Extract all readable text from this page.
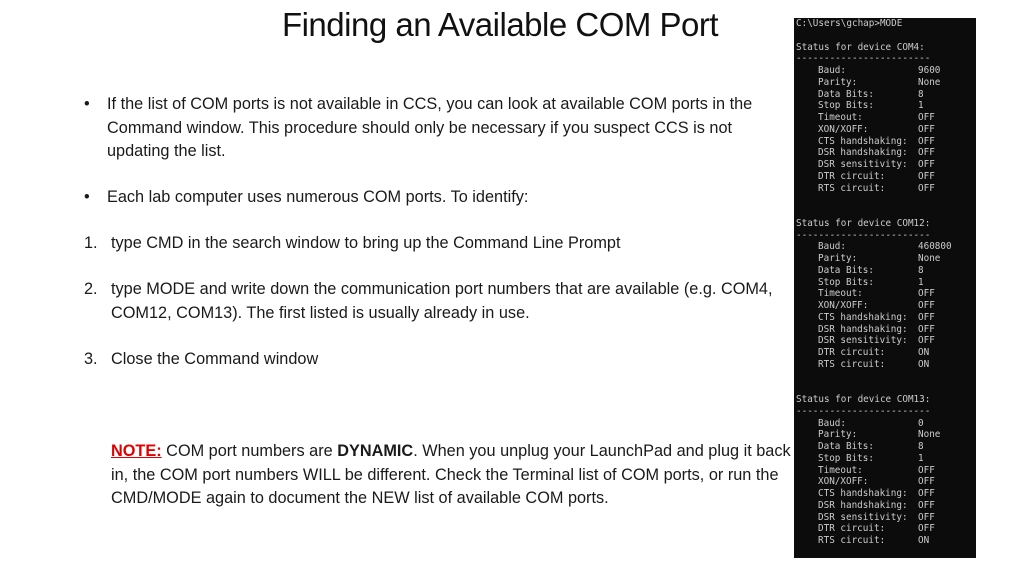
Finding an Available COM Port
•	If the list of COM ports is not available in CCS, you can look at available COM ports in the Command window. This procedure should only be necessary if you suspect CCS is not updating the list.
•	Each lab computer uses numerous COM ports. To identify:
1. type CMD in the search window to bring up the Command Line Prompt
2. type MODE and write down the communication port numbers that are available (e.g. COM4, COM12, COM13). The first listed is usually already in use.
3. Close the Command window
NOTE: COM port numbers are DYNAMIC. When you unplug your LaunchPad and plug it back in, the COM port numbers WILL be different. Check the Terminal list of COM ports, or run the CMD/MODE again to document the NEW list of available COM ports.
C:\Users\gchap>MODE
Status for device COM4:
------------------------
Baud:	9600
Parity:	None
Data Bits:	8
Stop Bits:	1
Timeout:	OFF
XON/XOFF:	OFF
CTS handshaking:	OFF
DSR handshaking:	OFF
DSR sensitivity:	OFF
DTR circuit:	OFF
RTS circuit:	OFF
Status for device COM12:
------------------------
Baud:	460800
Parity:	None
Data Bits:	8
Stop Bits:	1
Timeout:	OFF
XON/XOFF:	OFF
CTS handshaking:	OFF
DSR handshaking:	OFF
DSR sensitivity:	OFF
DTR circuit:	ON
RTS circuit:	ON
Status for device COM13:
------------------------
Baud:	0
Parity:	None
Data Bits:	8
Stop Bits:	1
Timeout:	OFF
XON/XOFF:	OFF
CTS handshaking:	OFF
DSR handshaking:	OFF
DSR sensitivity:	OFF
DTR circuit:	OFF
RTS circuit:	ON
